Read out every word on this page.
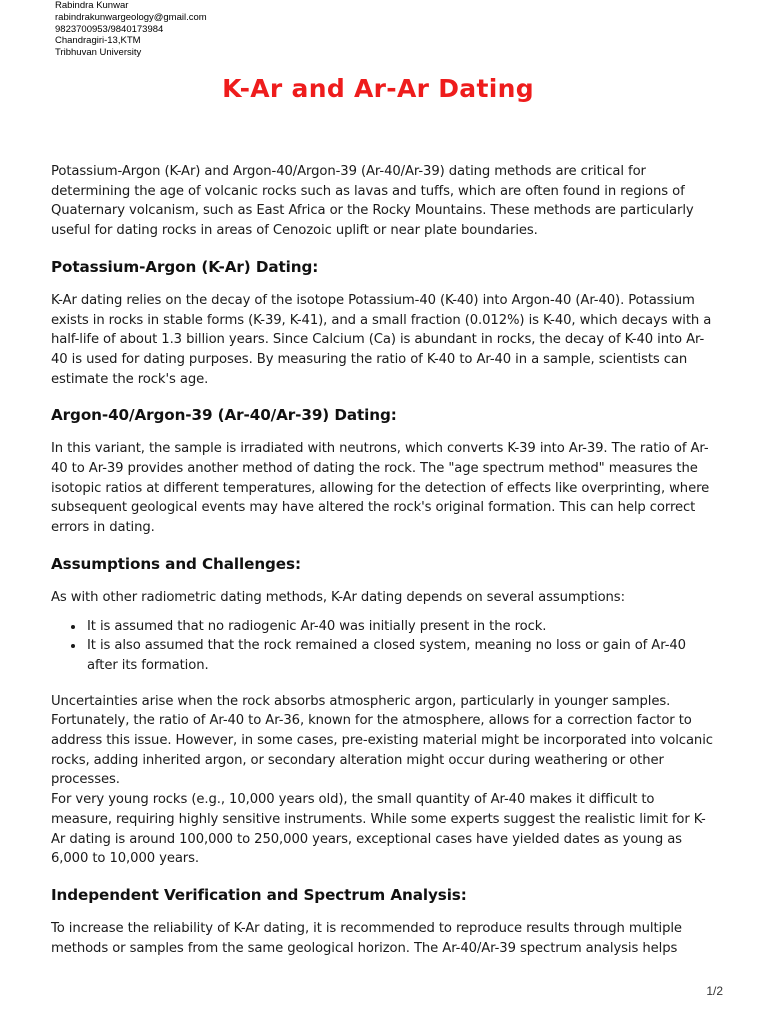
Rabindra Kunwar
rabindrakunwargeology@gmail.com
9823700953/9840173984
Chandragiri-13,KTM
Tribhuvan University
K-Ar and Ar-Ar Dating

Potassium-Argon (K-Ar) and Argon-40/Argon-39 (Ar-40/Ar-39) dating methods are critical for determining the age of volcanic rocks such as lavas and tuffs, which are often found in regions of Quaternary volcanism, such as East Africa or the Rocky Mountains. These methods are particularly useful for dating rocks in areas of Cenozoic uplift or near plate boundaries.

Potassium-Argon (K-Ar) Dating:

K-Ar dating relies on the decay of the isotope Potassium-40 (K-40) into Argon-40 (Ar-40). Potassium exists in rocks in stable forms (K-39, K-41), and a small fraction (0.012%) is K-40, which decays with a half-life of about 1.3 billion years. Since Calcium (Ca) is abundant in rocks, the decay of K-40 into Ar-40 is used for dating purposes. By measuring the ratio of K-40 to Ar-40 in a sample, scientists can estimate the rock's age.

Argon-40/Argon-39 (Ar-40/Ar-39) Dating:

In this variant, the sample is irradiated with neutrons, which converts K-39 into Ar-39. The ratio of Ar-40 to Ar-39 provides another method of dating the rock. The "age spectrum method" measures the isotopic ratios at different temperatures, allowing for the detection of effects like overprinting, where subsequent geological events may have altered the rock's original formation. This can help correct errors in dating.

Assumptions and Challenges:

As with other radiometric dating methods, K-Ar dating depends on several assumptions:

• It is assumed that no radiogenic Ar-40 was initially present in the rock.
• It is also assumed that the rock remained a closed system, meaning no loss or gain of Ar-40 after its formation.

Uncertainties arise when the rock absorbs atmospheric argon, particularly in younger samples. Fortunately, the ratio of Ar-40 to Ar-36, known for the atmosphere, allows for a correction factor to address this issue. However, in some cases, pre-existing material might be incorporated into volcanic rocks, adding inherited argon, or secondary alteration might occur during weathering or other processes.

For very young rocks (e.g., 10,000 years old), the small quantity of Ar-40 makes it difficult to measure, requiring highly sensitive instruments. While some experts suggest the realistic limit for K-Ar dating is around 100,000 to 250,000 years, exceptional cases have yielded dates as young as 6,000 to 10,000 years.

Independent Verification and Spectrum Analysis:

To increase the reliability of K-Ar dating, it is recommended to reproduce results through multiple methods or samples from the same geological horizon. The Ar-40/Ar-39 spectrum analysis helps

1/2
